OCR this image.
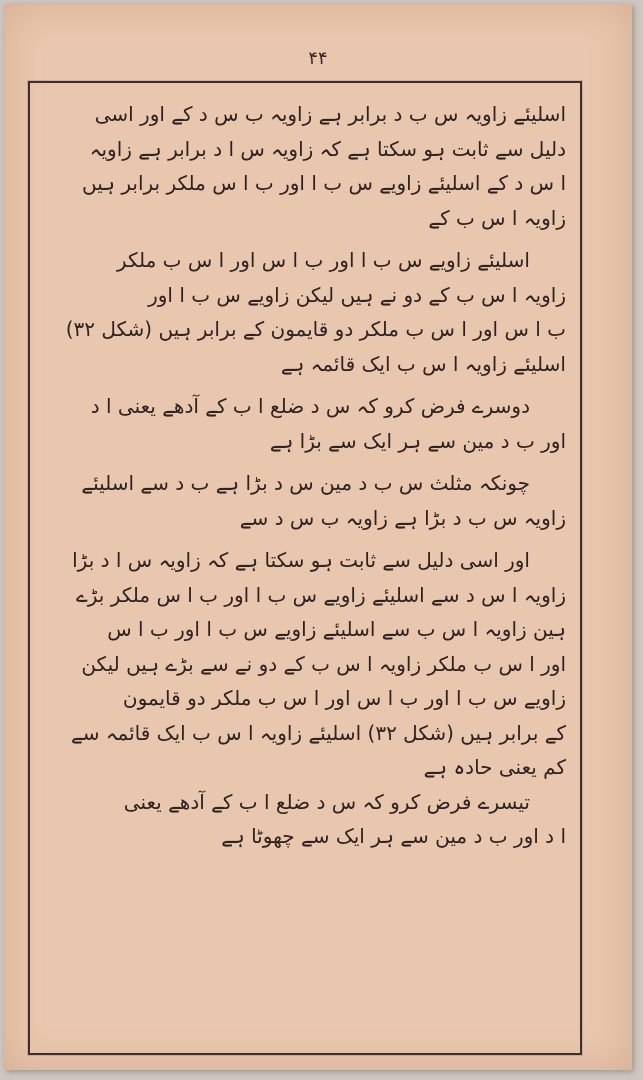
۴۴
اسلیئے زاویہ س ب د برابر ہے زاویہ ب س د کے اور اسی
دلیل سے ثابت ہو سکتا ہے کہ زاویہ س ا د برابر ہے زاویہ
ا س د کے اسلیئے زاویے س ب ا اور ب ا س ملکر برابر ہیں
زاویہ ا س ب کے
اسلیئے زاویے س ب ا اور ب ا س اور ا س ب ملکر
زاویہ ا س ب کے دو نے ہیں لیکن زاویے س ب ا اور
ب ا س اور ا س ب ملکر دو قایمون کے برابر ہیں (شکل ۳۲)
اسلیئے زاویہ ا س ب ایک قائمہ ہے
دوسرے فرض کرو کہ س د ضلع ا ب کے آدھے یعنی ا د
اور ب د مین سے ہر ایک سے بڑا ہے
چونکہ مثلث س ب د مین س د بڑا ہے ب د سے اسلیئے
زاویہ س ب د بڑا ہے زاویہ ب س د سے
اور اسی دلیل سے ثابت ہو سکتا ہے کہ زاویہ س ا د بڑا
زاویہ ا س د سے اسلیئے زاویے س ب ا اور ب ا س ملکر بڑے
ہین زاویہ ا س ب سے اسلیئے زاویے س ب ا اور ب ا س
اور ا س ب ملکر زاویہ ا س ب کے دو نے سے بڑے ہیں لیکن
زاویے س ب ا اور ب ا س اور ا س ب ملکر دو قایمون
کے برابر ہیں (شکل ۳۲) اسلیئے زاویہ ا س ب ایک قائمہ سے
کم یعنی حادہ ہے
تیسرے فرض کرو کہ س د ضلع ا ب کے آدھے یعنی
ا د اور ب د مین سے ہر ایک سے چھوٹا ہے
